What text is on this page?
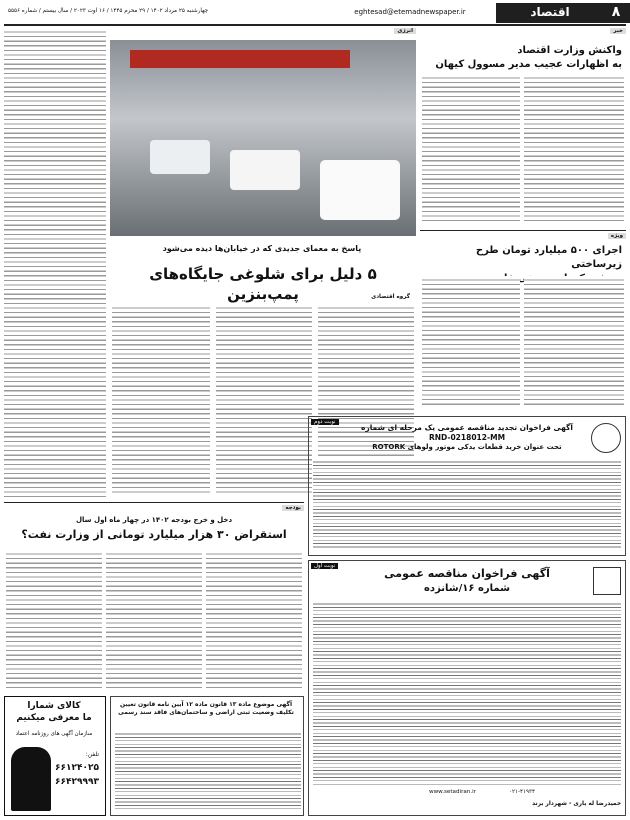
۸
اقتصاد
eghtesad@etemadnewspaper.ir
چهارشنبه ۲۵ مرداد ۱۴۰۲ / ۲۹ محرم ۱۴۴۵ / ۱۶ اوت ۲۰۲۳ / سال بیستم / شماره ۵۵۵۶
خبر
واکنش وزارت اقتصاد
به اظهارات عجیب مدیر مسوول کیهان
ویژه
اجرای ۵۰۰ میلیارد تومان طرح زیرساختی

انرژی
پاسخ به معمای جدیدی که در خیابان‌ها دیده می‌شود
۵ دلیل برای شلوغی جایگاه‌های پمپ‌بنزین	گروه اقتصادی
بودجه
دخل و خرج بودجه ۱۴۰۲ در چهار ماه اول سال
استقراض ۳۰ هزار میلیارد تومانی از وزارت نفت؟
نوبت دوم
آگهی فراخوان تجدید مناقصه عمومی یک مرحله ای شماره
RND-0218012-MM
تحت عنوان خرید قطعات یدکی موتور ولوهای ROTORK
نوبت اول
آگهی فراخوان مناقصه عمومی
شماره ۱۶/شانزده
www.setadiran.ir	۰۲۱-۴۱۹۳۴
حمیدرضا له یاری - شهردار برند
آگهی موضوع ماده ۱۳ قانون ماده ۱۲ آیین نامه قانون تعیین تکلیف وضعیت ثبتی اراضی و ساختمان‌های فاقد سند رسمی
کالای شمارا
ما معرفی میکنیم
سازمان آگهی های روزنامه اعتماد
تلفن:
۶۶۱۲۴۰۲۵
۶۶۴۲۹۹۹۳
